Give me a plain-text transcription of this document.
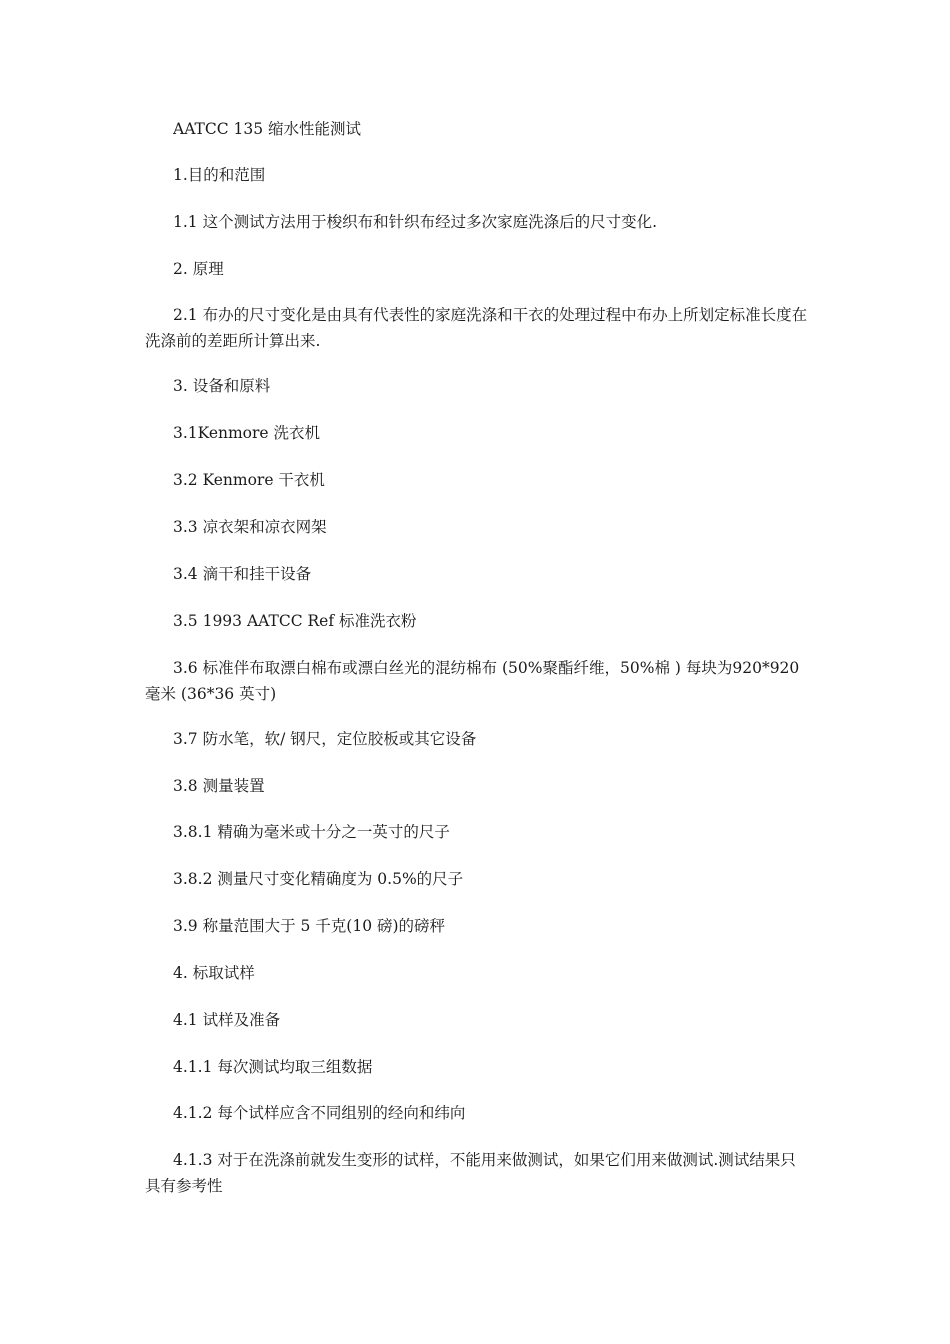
AATCC 135 缩水性能测试

1.目的和范围

1.1 这个测试方法用于梭织布和针织布经过多次家庭洗涤后的尺寸变化.

2. 原理

2.1 布办的尺寸变化是由具有代表性的家庭洗涤和干衣的处理过程中布办上所划定标准长度在洗涤前的差距所计算出来.

3. 设备和原料

3.1Kenmore 洗衣机

3.2 Kenmore 干衣机

3.3 凉衣架和凉衣网架

3.4 滴干和挂干设备

3.5 1993 AATCC Ref 标准洗衣粉

3.6 标准伴布取漂白棉布或漂白丝光的混纺棉布 (50%聚酯纤维，50%棉 ) 每块为920*920 毫米 (36*36 英寸)

3.7 防水笔，软/ 钢尺，定位胶板或其它设备

3.8 测量装置

3.8.1 精确为毫米或十分之一英寸的尺子

3.8.2 测量尺寸变化精确度为 0.5%的尺子

3.9 称量范围大于 5 千克(10 磅)的磅秤

4. 标取试样

4.1 试样及准备

4.1.1 每次测试均取三组数据

4.1.2 每个试样应含不同组别的经向和纬向

4.1.3 对于在洗涤前就发生变形的试样，不能用来做测试，如果它们用来做测试.测试结果只具有参考性
